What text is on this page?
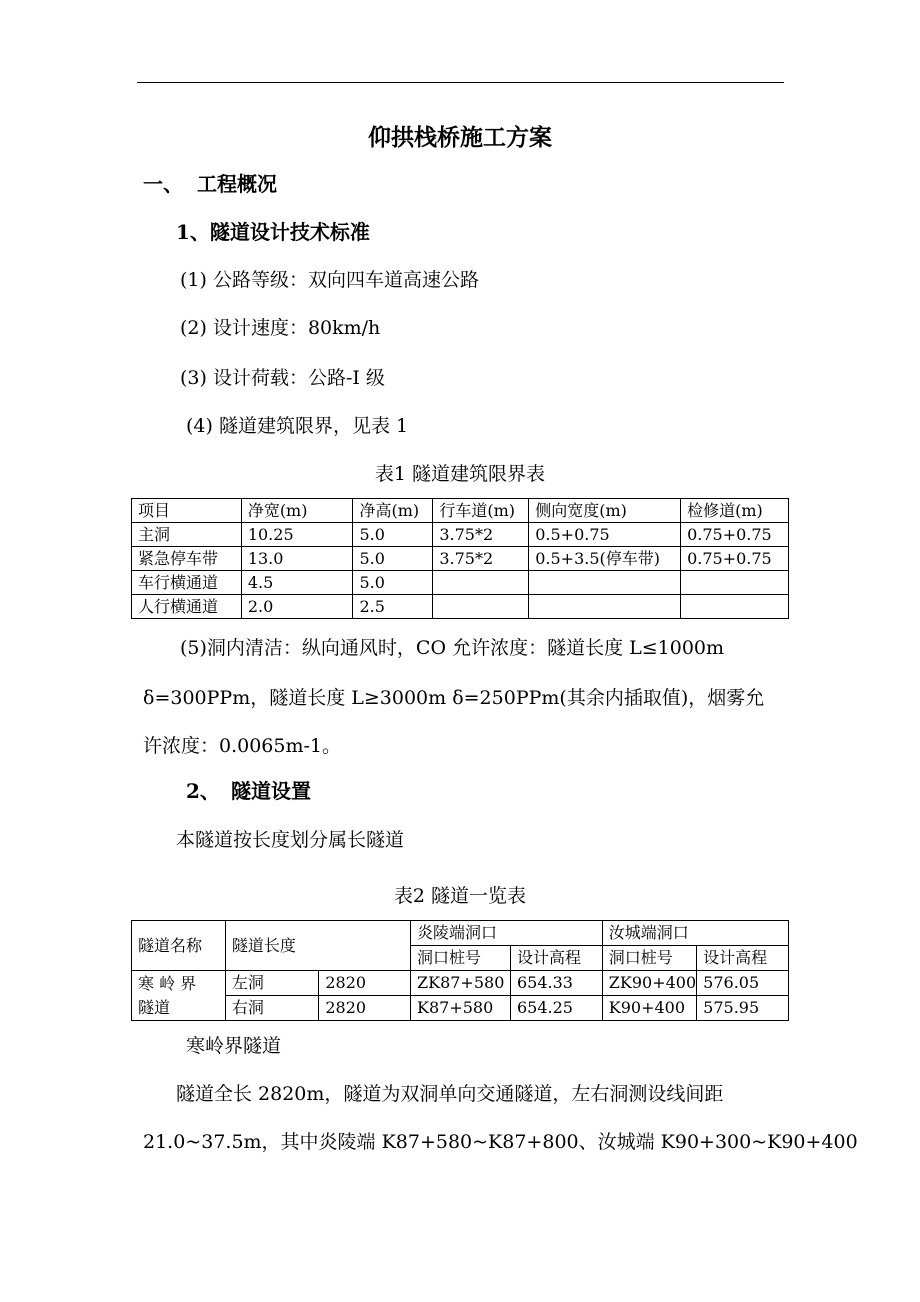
仰拱栈桥施工方案
一、 工程概况
1、隧道设计技术标准
(1) 公路等级：双向四车道高速公路
(2) 设计速度：80km/h
(3) 设计荷载：公路-I 级
(4) 隧道建筑限界，见表 1
表1 隧道建筑限界表
项目	净宽(m)	净高(m)	行车道(m)	侧向宽度(m)	检修道(m)
主洞	10.25	5.0	3.75*2	0.5+0.75	0.75+0.75
紧急停车带	13.0	5.0	3.75*2	0.5+3.5(停车带)	0.75+0.75
车行横通道	4.5	5.0			
人行横通道	2.0	2.5			
(5)洞内清洁：纵向通风时，CO 允许浓度：隧道长度 L≤1000m
δ=300PPm，隧道长度 L≥3000m δ=250PPm(其余内插取值)，烟雾允
许浓度：0.0065m-1。
2、 隧道设置
本隧道按长度划分属长隧道
表2 隧道一览表
隧道名称	隧道长度		炎陵端洞口		汝城端洞口	
			洞口桩号	设计高程	洞口桩号	设计高程
寒 岭 界
隧道	左洞	2820	ZK87+580	654.33	ZK90+400	576.05
	右洞	2820	K87+580	654.25	K90+400	575.95
寒岭界隧道
隧道全长 2820m，隧道为双洞单向交通隧道，左右洞测设线间距
21.0~37.5m，其中炎陵端 K87+580~K87+800、汝城端 K90+300~K90+400
